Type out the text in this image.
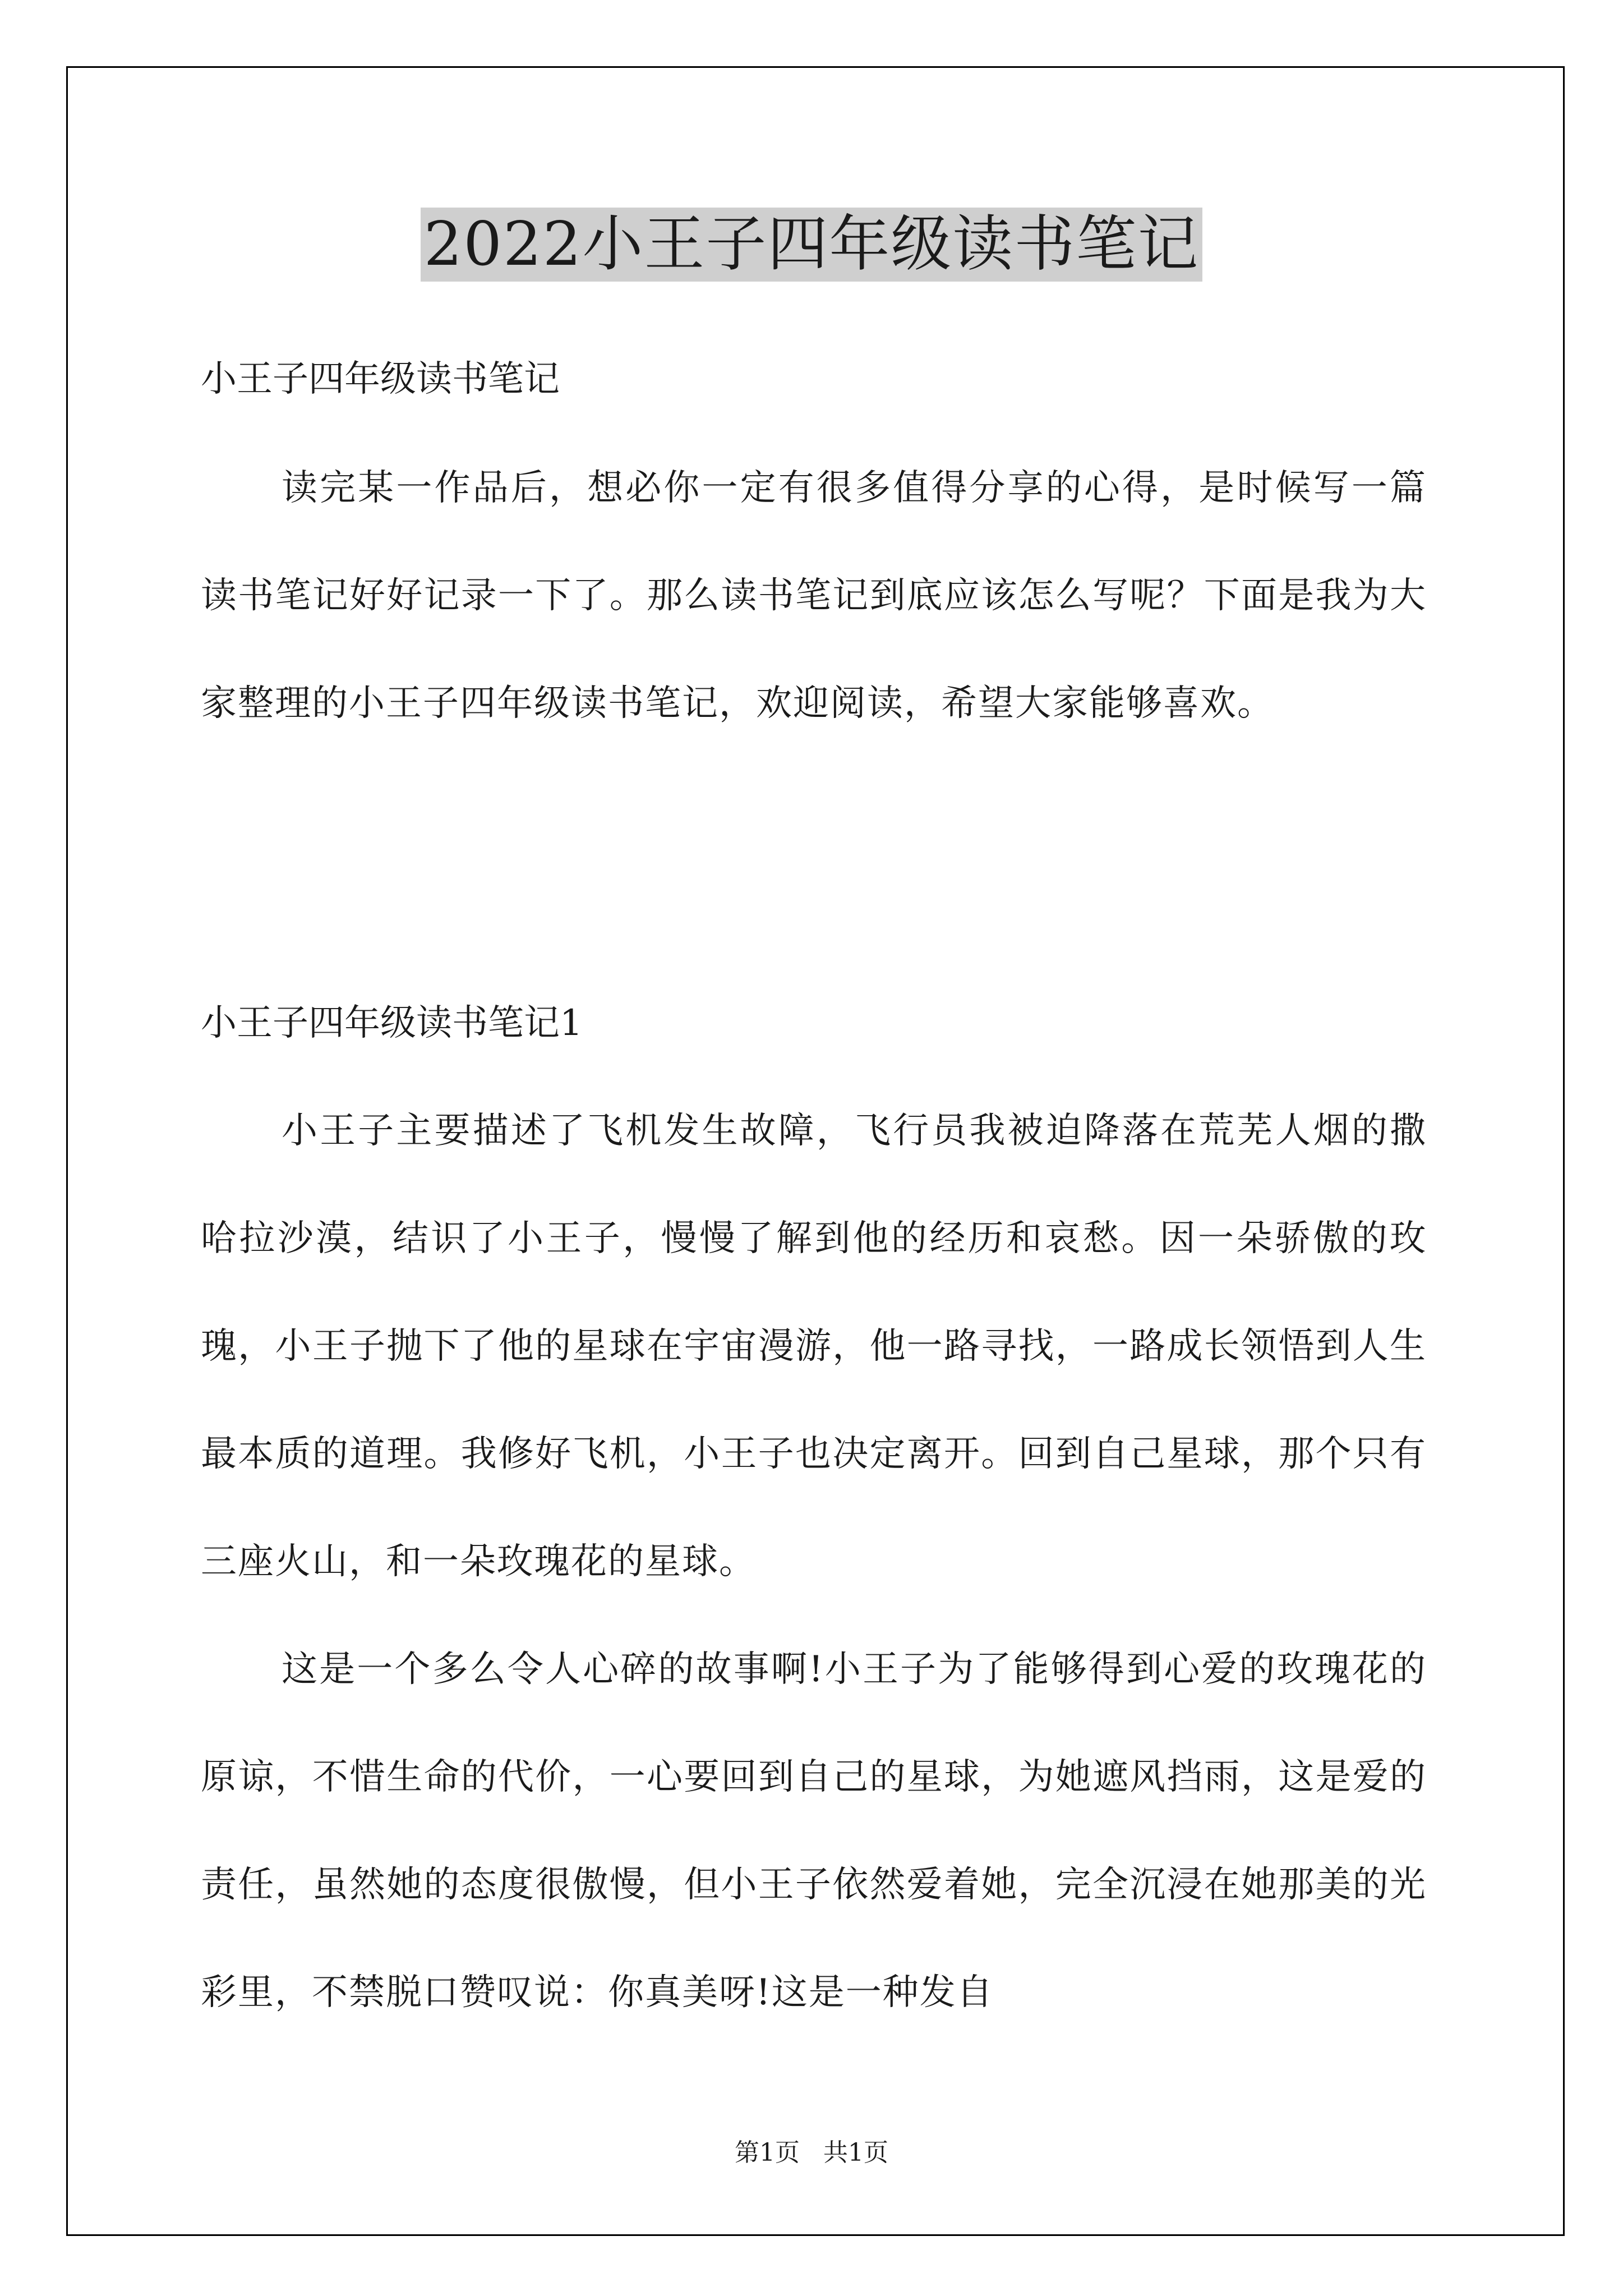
2022小王子四年级读书笔记
小王子四年级读书笔记
读完某一作品后，想必你一定有很多值得分享的心得，是时候写一篇读书笔记好好记录一下了。那么读书笔记到底应该怎么写呢？下面是我为大家整理的小王子四年级读书笔记，欢迎阅读，希望大家能够喜欢。
小王子四年级读书笔记1
小王子主要描述了飞机发生故障，飞行员我被迫降落在荒芜人烟的撒哈拉沙漠，结识了小王子，慢慢了解到他的经历和哀愁。因一朵骄傲的玫瑰，小王子抛下了他的星球在宇宙漫游，他一路寻找，一路成长领悟到人生最本质的道理。我修好飞机，小王子也决定离开。回到自己星球，那个只有三座火山，和一朵玫瑰花的星球。
这是一个多么令人心碎的故事啊!小王子为了能够得到心爱的玫瑰花的原谅，不惜生命的代价，一心要回到自己的星球，为她遮风挡雨，这是爱的责任，虽然她的态度很傲慢，但小王子依然爱着她，完全沉浸在她那美的光彩里，不禁脱口赞叹说：你真美呀!这是一种发自
第1页   共1页
